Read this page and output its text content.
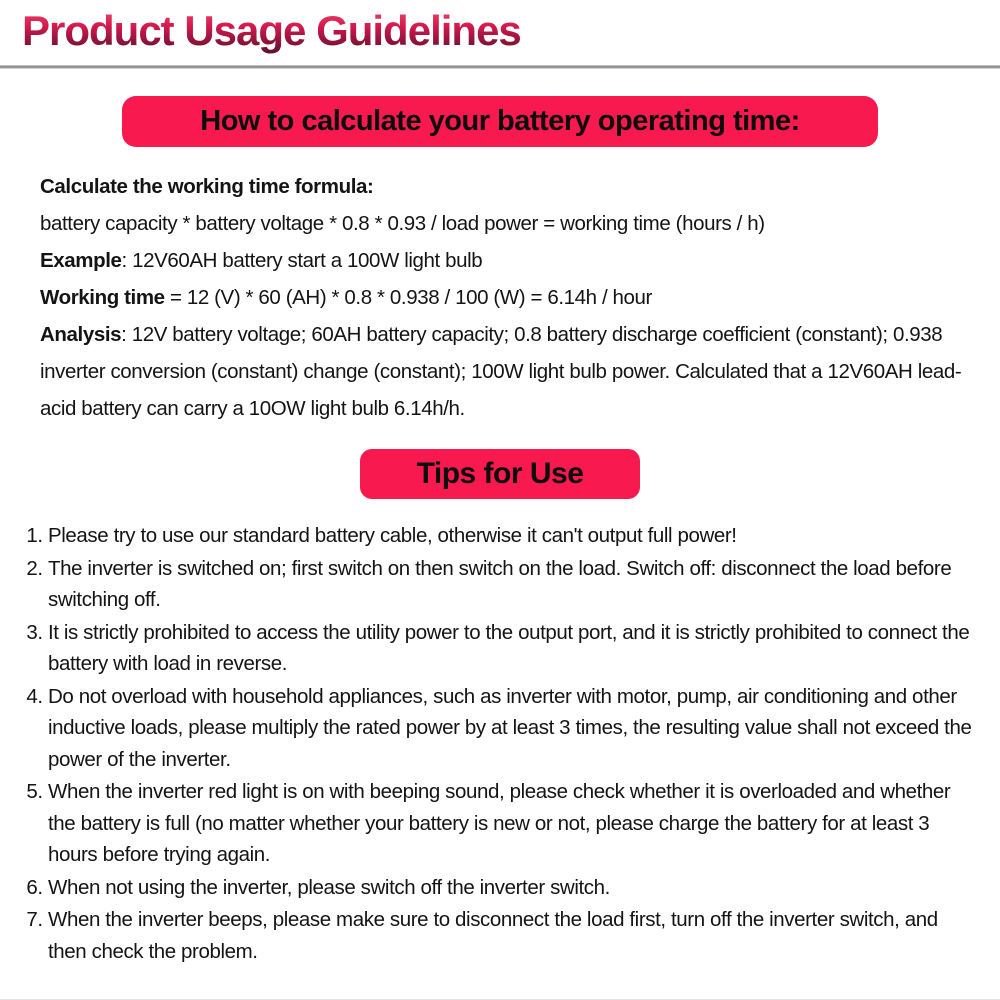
Product Usage Guidelines
How to calculate your battery operating time:

Calculate the working time formula:

battery capacity * battery voltage * 0.8 * 0.93 / load power = working time (hours / h)

Example: 12V60AH battery start a 100W light bulb

Working time = 12 (V) * 60 (AH) * 0.8 * 0.938 / 100 (W) = 6.14h / hour

Analysis: 12V battery voltage; 60AH battery capacity; 0.8 battery discharge coefficient (constant); 0.938 inverter conversion (constant) change (constant); 100W light bulb power. Calculated that a 12V60AH lead-acid battery can carry a 10OW light bulb 6.14h/h.

Tips for Use
1. Please try to use our standard battery cable, otherwise it can't output full power!
2. The inverter is switched on; first switch on then switch on the load. Switch off: disconnect the load before switching off.
3. It is strictly prohibited to access the utility power to the output port, and it is strictly prohibited to connect the battery with load in reverse.
4. Do not overload with household appliances, such as inverter with motor, pump, air conditioning and other inductive loads, please multiply the rated power by at least 3 times, the resulting value shall not exceed the power of the inverter.
5. When the inverter red light is on with beeping sound, please check whether it is overloaded and whether the battery is full (no matter whether your battery is new or not, please charge the battery for at least 3 hours before trying again.
6. When not using the inverter, please switch off the inverter switch.
7. When the inverter beeps, please make sure to disconnect the load first, turn off the inverter switch, and then check the problem.
